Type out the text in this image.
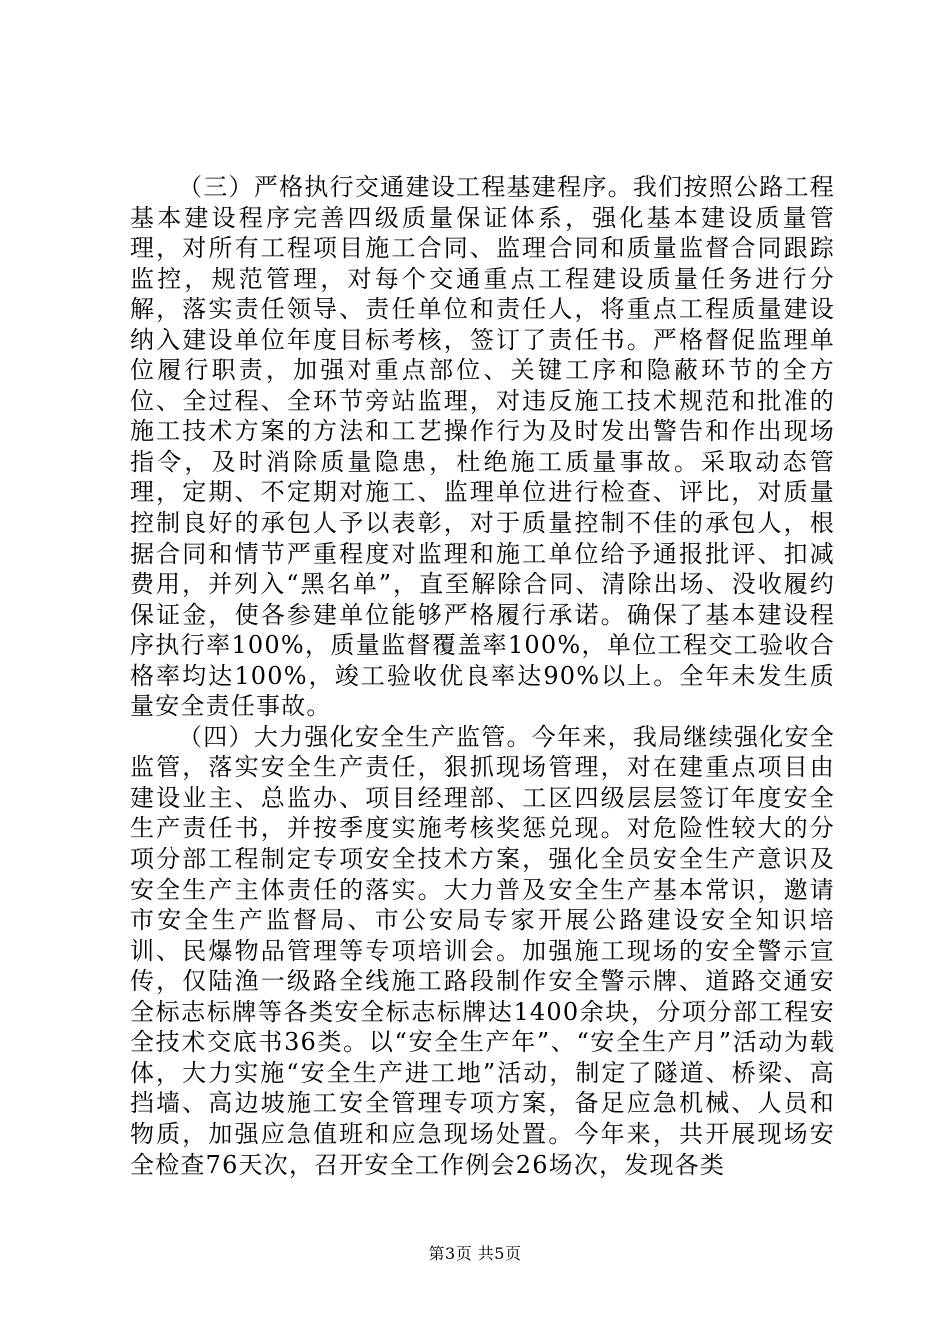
（三）严格执行交通建设工程基建程序。我们按照公路工程基本建设程序完善四级质量保证体系，强化基本建设质量管理，对所有工程项目施工合同、监理合同和质量监督合同跟踪监控，规范管理，对每个交通重点工程建设质量任务进行分解，落实责任领导、责任单位和责任人，将重点工程质量建设纳入建设单位年度目标考核，签订了责任书。严格督促监理单位履行职责，加强对重点部位、关键工序和隐蔽环节的全方位、全过程、全环节旁站监理，对违反施工技术规范和批准的施工技术方案的方法和工艺操作行为及时发出警告和作出现场指令，及时消除质量隐患，杜绝施工质量事故。采取动态管理，定期、不定期对施工、监理单位进行检查、评比，对质量控制良好的承包人予以表彰，对于质量控制不佳的承包人，根据合同和情节严重程度对监理和施工单位给予通报批评、扣减费用，并列入“黑名单”，直至解除合同、清除出场、没收履约保证金，使各参建单位能够严格履行承诺。确保了基本建设程序执行率100%，质量监督覆盖率100%，单位工程交工验收合格率均达100%，竣工验收优良率达90%以上。全年未发生质量安全责任事故。

（四）大力强化安全生产监管。今年来，我局继续强化安全监管，落实安全生产责任，狠抓现场管理，对在建重点项目由建设业主、总监办、项目经理部、工区四级层层签订年度安全生产责任书，并按季度实施考核奖惩兑现。对危险性较大的分项分部工程制定专项安全技术方案，强化全员安全生产意识及安全生产主体责任的落实。大力普及安全生产基本常识，邀请市安全生产监督局、市公安局专家开展公路建设安全知识培训、民爆物品管理等专项培训会。加强施工现场的安全警示宣传，仅陆渔一级路全线施工路段制作安全警示牌、道路交通安全标志标牌等各类安全标志标牌达1400余块，分项分部工程安全技术交底书36类。以“安全生产年”、“安全生产月”活动为载体，大力实施“安全生产进工地”活动，制定了隧道、桥梁、高挡墙、高边坡施工安全管理专项方案，备足应急机械、人员和物质，加强应急值班和应急现场处置。今年来，共开展现场安全检查76天次，召开安全工作例会26场次，发现各类

第3页 共5页
